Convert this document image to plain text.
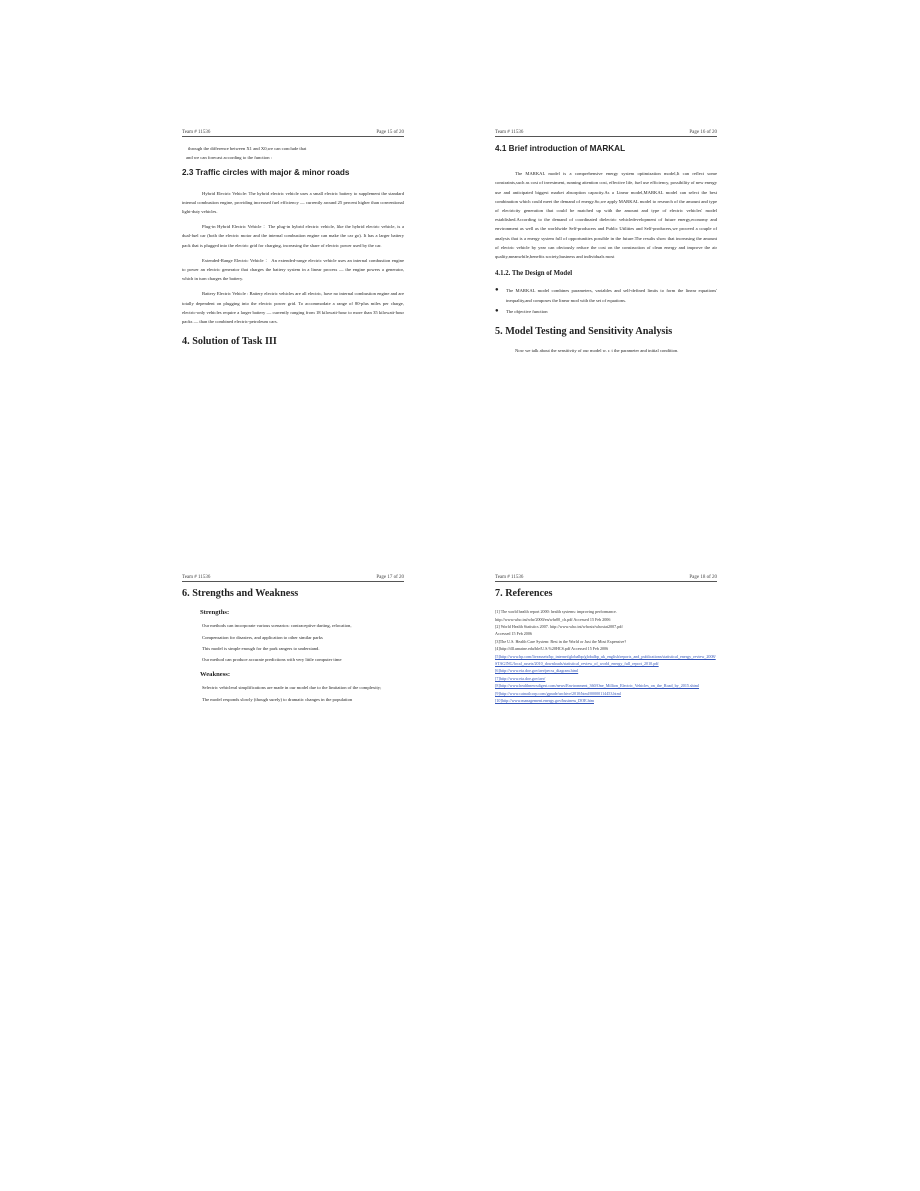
Team # 11536	Page 15 of 20
through the difference between X1 and X0,we can conclude that
and we can forecast according to the function :
2.3 Traffic circles with major & minor roads

Hybrid Electric Vehicle: The hybrid electric vehicle uses a small electric battery to supplement the standard internal combustion engine, providing increased fuel efficiency — currently around 25 percent higher than conventional light-duty vehicles.

Plug-in Hybrid Electric Vehicle ：The plug-in hybrid electric vehicle, like the hybrid electric vehicle, is a dual-fuel car (both the electric motor and the internal combustion engine can make the car go). It has a larger battery pack that is plugged into the electric grid for charging, increasing the share of electric power used by the car.

Extended-Range Electric Vehicle ： An extended-range electric vehicle uses an internal combustion engine to power an electric generator that charges the battery system in a linear process — the engine powers a generator, which in turn charges the battery.

Battery Electric Vehicle : Battery electric vehicles are all electric, have no internal combustion engine and are totally dependent on plugging into the electric power grid. To accommodate a range of 80-plus miles per charge, electric-only vehicles require a larger battery — currently ranging from 18 kilowatt-hour to more than 35 kilowatt-hour packs — than the combined electric-petroleum cars.

4. Solution of Task III
Team # 11536	Page 16 of 20
4.1 Brief introduction of MARKAL

The MARKAL model is a comprehensive energy system optimization model,It can reflect some constraints,such as cost of investment, running attention cost, effective life, fuel use efficiency, possibility of new energy use and anticipated biggest market absorption capacity.As a Linear model,MARKAL model can select the best combination which could meet the demand of energy.So,we apply MARKAL model to research of the amount and type of electricity generation that could be matched up with the amount and type of electric vehicles' model established.According to the demand of coordinated dielectric vehicledevelopment of future energy,economy and environment as well as the worldwide Self-producers and Public Utilities and Self-producers,we proceed a couple of analysis that is a energy system full of opportunities possible in the future.The results show that increasing the amount of electric vehicle by year can obviously reduce the cost on the construction of clean energy and improve the air quality,meanwhile,benefits society,business and individuals most

4.1.2. The Design of Model
● The MARKAL model combines parameters, variables and self-defined limits to form the linear equations' inequality,and composes the linear mod with the set of equations.
● The objective function
5. Model Testing and Sensitivity Analysis

Now we talk about the sensitivity of our model w. r. t the parameter and initial condition.

Team # 11536	Page 17 of 20
6. Strengths and Weakness
Strengths:

Our methods can incorporate various scenarios: contraceptive darting, relocation,

Compensation for disasters, and application to other similar parks

This model is simple enough for the park rangers to understand.

Our method can produce accurate predictions with very little computer time

Weakness:

Selectric vehicleral simplifications are made in our model due to the limitation of the complexity;

The model responds slowly (though surely) to dramatic changes in the population

Team # 11536	Page 18 of 20
7. References
[1] The world health report 2000: health systems: improving performance.
http://www.who.int/whr/2000/en/whr00_ch.pdf Accessed 15 Feb 2006
[2] World Health Statistics 2007. http://www.who.int/whosis/whostat2007.pdf
Accessed 15 Feb 2006
[3]The U.S. Health Care System: Best in the World or Just the Most Expensive?
[4]http://dll.umaine.edu/ble/U.S.%20HCS.pdf Accessed 15 Feb 2006
[5]http://www.bp.com/liveassets/bp_internet/globalbp/globalbp_uk_english/reports_and_publications/statistical_energy_review_2008/STAGING/local_assets/2010_downloads/statistical_review_of_world_energy_full_report_2010.pdf
[6]http://www.eia.doe.gov/aer/pecss_diagram.html
[7]http://www.eia.doe.gov/aer/
[8]http://www.healthnewsdigest.com/news/Environment_360/One_Million_Electric_Vehicles_on_the_Road_by_2015.shtml
[9]http://www.catnatlcorp.com/gprade/archive/2010/html/00000114453.html
[10]http://www.management.energy.gov/business_DOE.htm
